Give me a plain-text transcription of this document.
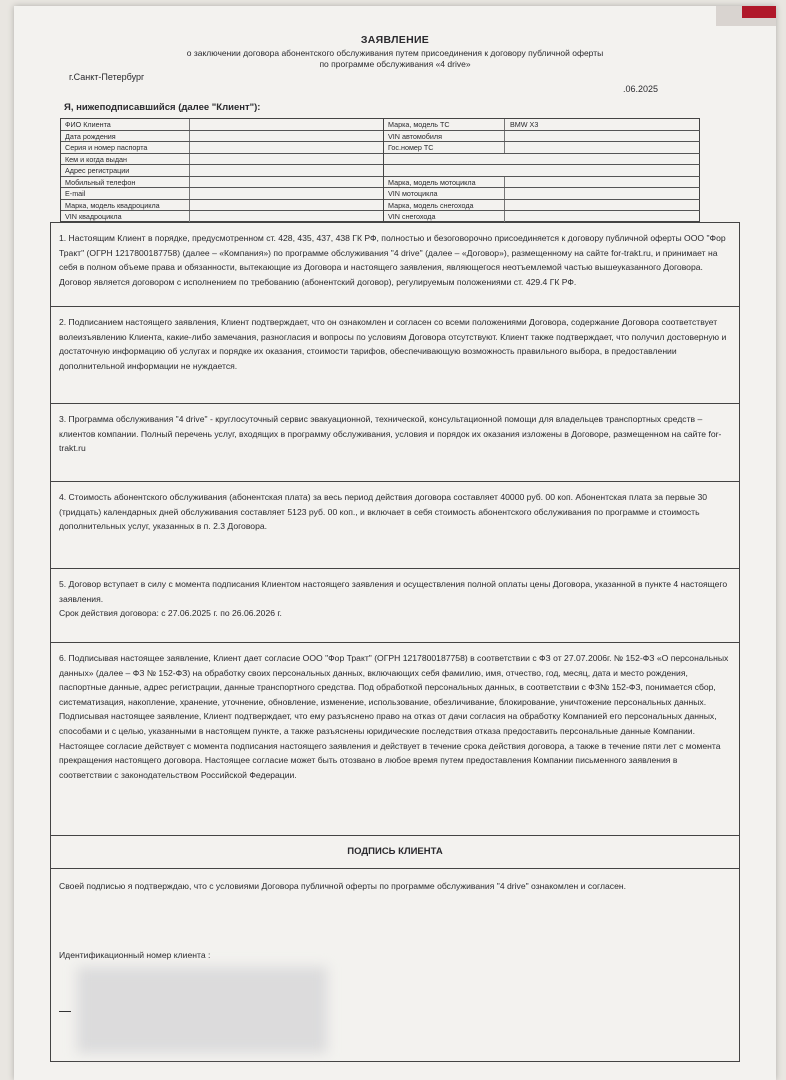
ЗАЯВЛЕНИЕ
о заключении договора абонентского обслуживания путем присоединения к договору публичной оферты
по программе обслуживания «4 drive»
г.Санкт-Петербург
.06.2025
Я, нижеподписавшийся (далее "Клиент"):
ФИО Клиента
Дата рождения
Серия и номер паспорта
Кем и когда выдан
Адрес регистрации
Мобильный телефон
E-mail
Марка, модель квадроцикла
VIN квадроцикла
Марка, модель ТС	BMW X3
VIN автомобиля
Гос.номер ТС
Марка, модель мотоцикла
VIN мотоцикла
Марка, модель снегохода
VIN снегохода

1. Настоящим Клиент в порядке, предусмотренном ст. 428, 435, 437, 438 ГК РФ, полностью и безоговорочно присоединяется к договору публичной оферты ООО "Фор Тракт" (ОГРН 1217800187758) (далее – «Компания») по программе обслуживания "4 drive" (далее – «Договор»), размещенному на сайте for-trakt.ru, и принимает на себя в полном объеме права и обязанности, вытекающие из Договора и настоящего заявления, являющегося неотъемлемой частью вышеуказанного Договора. Договор является договором с исполнением по требованию (абонентский договор), регулируемым положениями ст. 429.4 ГК РФ.

2. Подписанием настоящего заявления, Клиент подтверждает, что он ознакомлен и согласен со всеми положениями Договора, содержание Договора соответствует волеизъявлению Клиента, какие-либо замечания, разногласия и вопросы по условиям Договора отсутствуют. Клиент также подтверждает, что получил достоверную и достаточную информацию об услугах и порядке их оказания, стоимости тарифов, обеспечивающую возможность правильного выбора, в предоставлении дополнительной информации не нуждается.

3. Программа обслуживания "4 drive" - круглосуточный сервис эвакуационной, технической, консультационной помощи для владельцев транспортных средств – клиентов компании. Полный перечень услуг, входящих в программу обслуживания, условия и порядок их оказания изложены в Договоре, размещенном на сайте for-trakt.ru

4. Стоимость абонентского обслуживания (абонентская плата) за весь период действия договора составляет 40000 руб. 00 коп. Абонентская плата за первые 30 (тридцать) календарных дней обслуживания составляет 5123 руб. 00 коп., и включает в себя стоимость абонентского обслуживания по программе и стоимость дополнительных услуг, указанных в п. 2.3 Договора.

5. Договор вступает в силу с момента подписания Клиентом настоящего заявления и осуществления полной оплаты цены Договора, указанной в пункте 4 настоящего заявления.

Срок действия договора: с 27.06.2025 г. по 26.06.2026 г.

6. Подписывая настоящее заявление, Клиент дает согласие ООО "Фор Тракт" (ОГРН 1217800187758) в соответствии с ФЗ от 27.07.2006г. № 152-ФЗ «О персональных данных» (далее – ФЗ № 152-ФЗ) на обработку своих персональных данных, включающих себя фамилию, имя, отчество, год, месяц, дата и место рождения, паспортные данные, адрес регистрации, данные транспортного средства. Под обработкой персональных данных, в соответствии с ФЗ№ 152-ФЗ, понимается сбор, систематизация, накопление, хранение, уточнение, обновление, изменение, использование, обезличивание, блокирование, уничтожение персональных данных.

Подписывая настоящее заявление, Клиент подтверждает, что ему разъяснено право на отказ от дачи согласия на обработку Компанией его персональных данных, способами и с целью, указанными в настоящем пункте, а также разъяснены юридические последствия отказа предоставить персональные данные Компании.

Настоящее согласие действует с момента подписания настоящего заявления и действует в течение срока действия договора, а также в течение пяти лет с момента прекращения настоящего договора. Настоящее согласие может быть отозвано в любое время путем предоставления Компании письменного заявления в соответствии с законодательством Российской Федерации.

ПОДПИСЬ КЛИЕНТА
Своей подписью я подтверждаю, что с условиями Договора публичной оферты по программе обслуживания "4 drive" ознакомлен и согласен.
Идентификационный номер клиента :
